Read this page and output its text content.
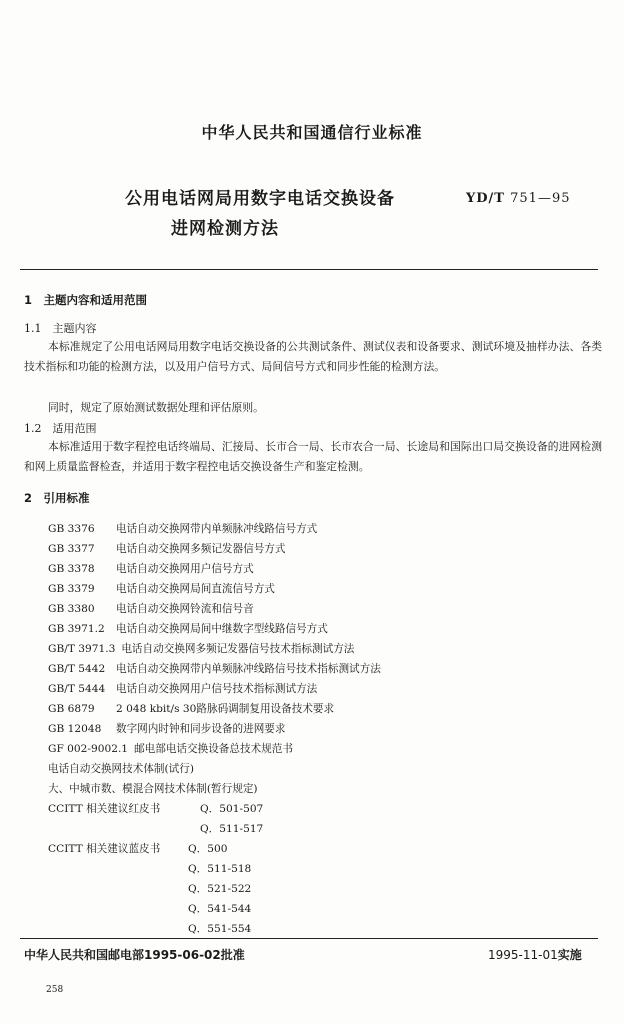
中华人民共和国通信行业标准
公用电话网局用数字电话交换设备
进网检测方法
YD/T 751—95
1　主题内容和适用范围
1.1　主题内容
本标准规定了公用电话网局用数字电话交换设备的公共测试条件、测试仪表和设备要求、测试环境及抽样办法、各类技术指标和功能的检测方法，以及用户信号方式、局间信号方式和同步性能的检测方法。
同时，规定了原始测试数据处理和评估原则。
1.2　适用范围
本标准适用于数字程控电话终端局、汇接局、长市合一局、长市农合一局、长途局和国际出口局交换设备的进网检测和网上质量监督检查，并适用于数字程控电话交换设备生产和鉴定检测。
2　引用标准
GB 3376 电话自动交换网带内单频脉冲线路信号方式
GB 3377 电话自动交换网多频记发器信号方式
GB 3378 电话自动交换网用户信号方式
GB 3379 电话自动交换网局间直流信号方式
GB 3380 电话自动交换网铃流和信号音
GB 3971.2 电话自动交换网局间中继数字型线路信号方式
GB/T 3971.3 电话自动交换网多频记发器信号技术指标测试方法
GB/T 5442 电话自动交换网带内单频脉冲线路信号技术指标测试方法
GB/T 5444 电话自动交换网用户信号技术指标测试方法
GB 6879 2 048 kbit/s 30路脉码调制复用设备技术要求
GB 12048 数字网内时钟和同步设备的进网要求
GF 002-9002.1 邮电部电话交换设备总技术规范书
电话自动交换网技术体制(试行)
大、中城市数、模混合网技术体制(暂行规定)
CCITT 相关建议红皮书	Q．501-507
Q．511-517
CCITT 相关建议蓝皮书	Q．500
Q．511-518
Q．521-522
Q．541-544
Q．551-554
中华人民共和国邮电部1995-06-02批准	1995-11-01实施
258
